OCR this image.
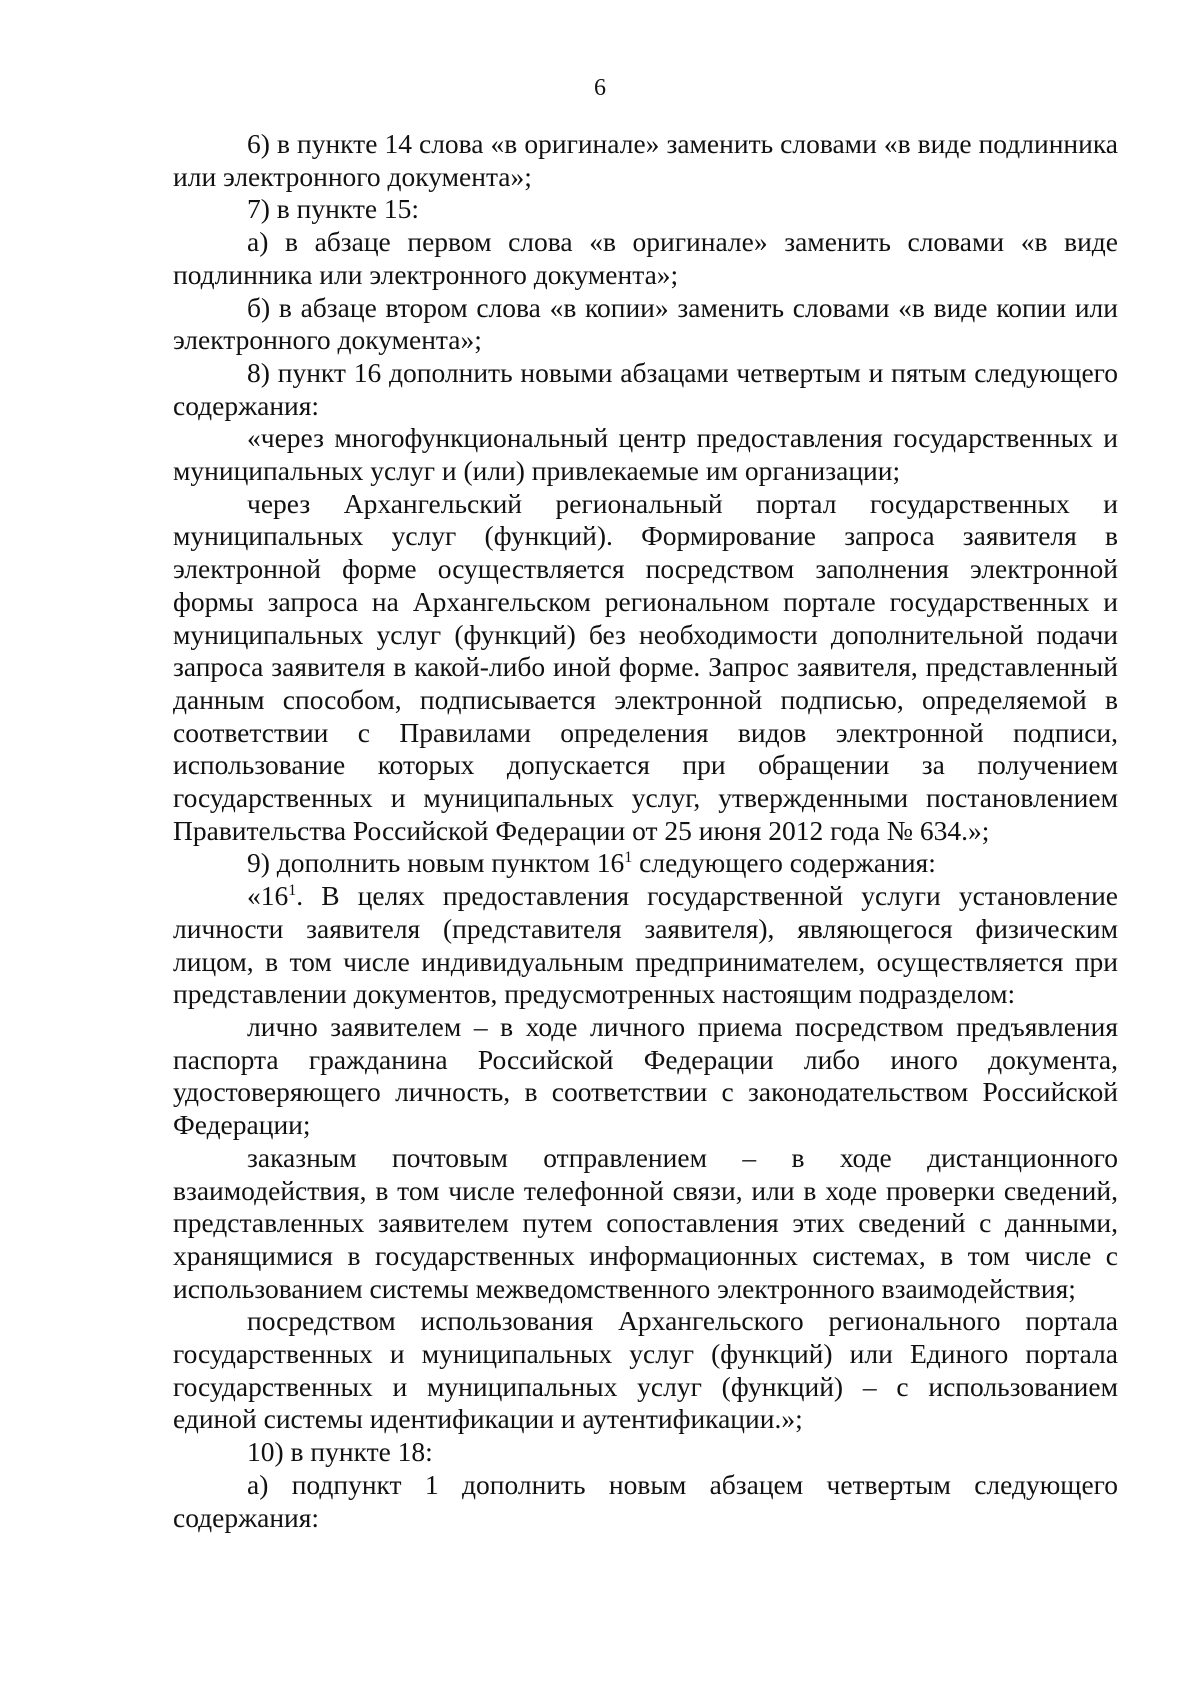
6

6) в пункте 14 слова «в оригинале» заменить словами «в виде подлинника или электронного документа»;

7) в пункте 15:

а) в абзаце первом слова «в оригинале» заменить словами «в виде подлинника или электронного документа»;

б) в абзаце втором слова «в копии» заменить словами «в виде копии или электронного документа»;

8) пункт 16 дополнить новыми абзацами четвертым и пятым следующего содержания:

«через многофункциональный центр предоставления государственных и муниципальных услуг и (или) привлекаемые им организации;

через Архангельский региональный портал государственных и муниципальных услуг (функций). Формирование запроса заявителя в электронной форме осуществляется посредством заполнения электронной формы запроса на Архангельском региональном портале государственных и муниципальных услуг (функций) без необходимости дополнительной подачи запроса заявителя в какой-либо иной форме. Запрос заявителя, представленный данным способом, подписывается электронной подписью, определяемой в соответствии с Правилами определения видов электронной подписи, использование которых допускается при обращении за получением государственных и муниципальных услуг, утвержденными постановлением Правительства Российской Федерации от 25 июня 2012 года № 634.»;

9) дополнить новым пунктом $16^1$ следующего содержания:

«$16^1$. В целях предоставления государственной услуги установление личности заявителя (представителя заявителя), являющегося физическим лицом, в том числе индивидуальным предпринимателем, осуществляется при представлении документов, предусмотренных настоящим подразделом:

лично заявителем – в ходе личного приема посредством предъявления паспорта гражданина Российской Федерации либо иного документа, удостоверяющего личность, в соответствии с законодательством Российской Федерации;

заказным почтовым отправлением – в ходе дистанционного взаимодействия, в том числе телефонной связи, или в ходе проверки сведений, представленных заявителем путем сопоставления этих сведений с данными, хранящимися в государственных информационных системах, в том числе с использованием системы межведомственного электронного взаимодействия;

посредством использования Архангельского регионального портала государственных и муниципальных услуг (функций) или Единого портала государственных и муниципальных услуг (функций) – с использованием единой системы идентификации и аутентификации.»;

10) в пункте 18:

а) подпункт 1 дополнить новым абзацем четвертым следующего содержания:
